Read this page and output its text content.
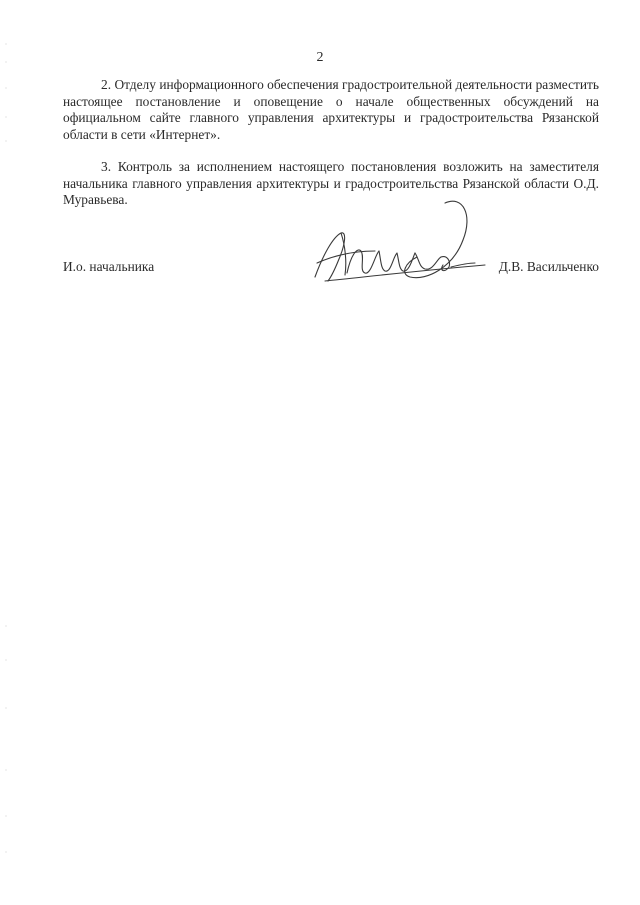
2

2. Отделу информационного обеспечения градостроительной деятельности разместить настоящее постановление и оповещение о начале общественных обсуждений на официальном сайте главного управления архитектуры и градостроительства Рязанской области в сети «Интернет».

3. Контроль за исполнением настоящего постановления возложить на заместителя начальника главного управления архитектуры и градостроительства Рязанской области О.Д. Муравьева.

И.о. начальника	Д.В. Васильченко
